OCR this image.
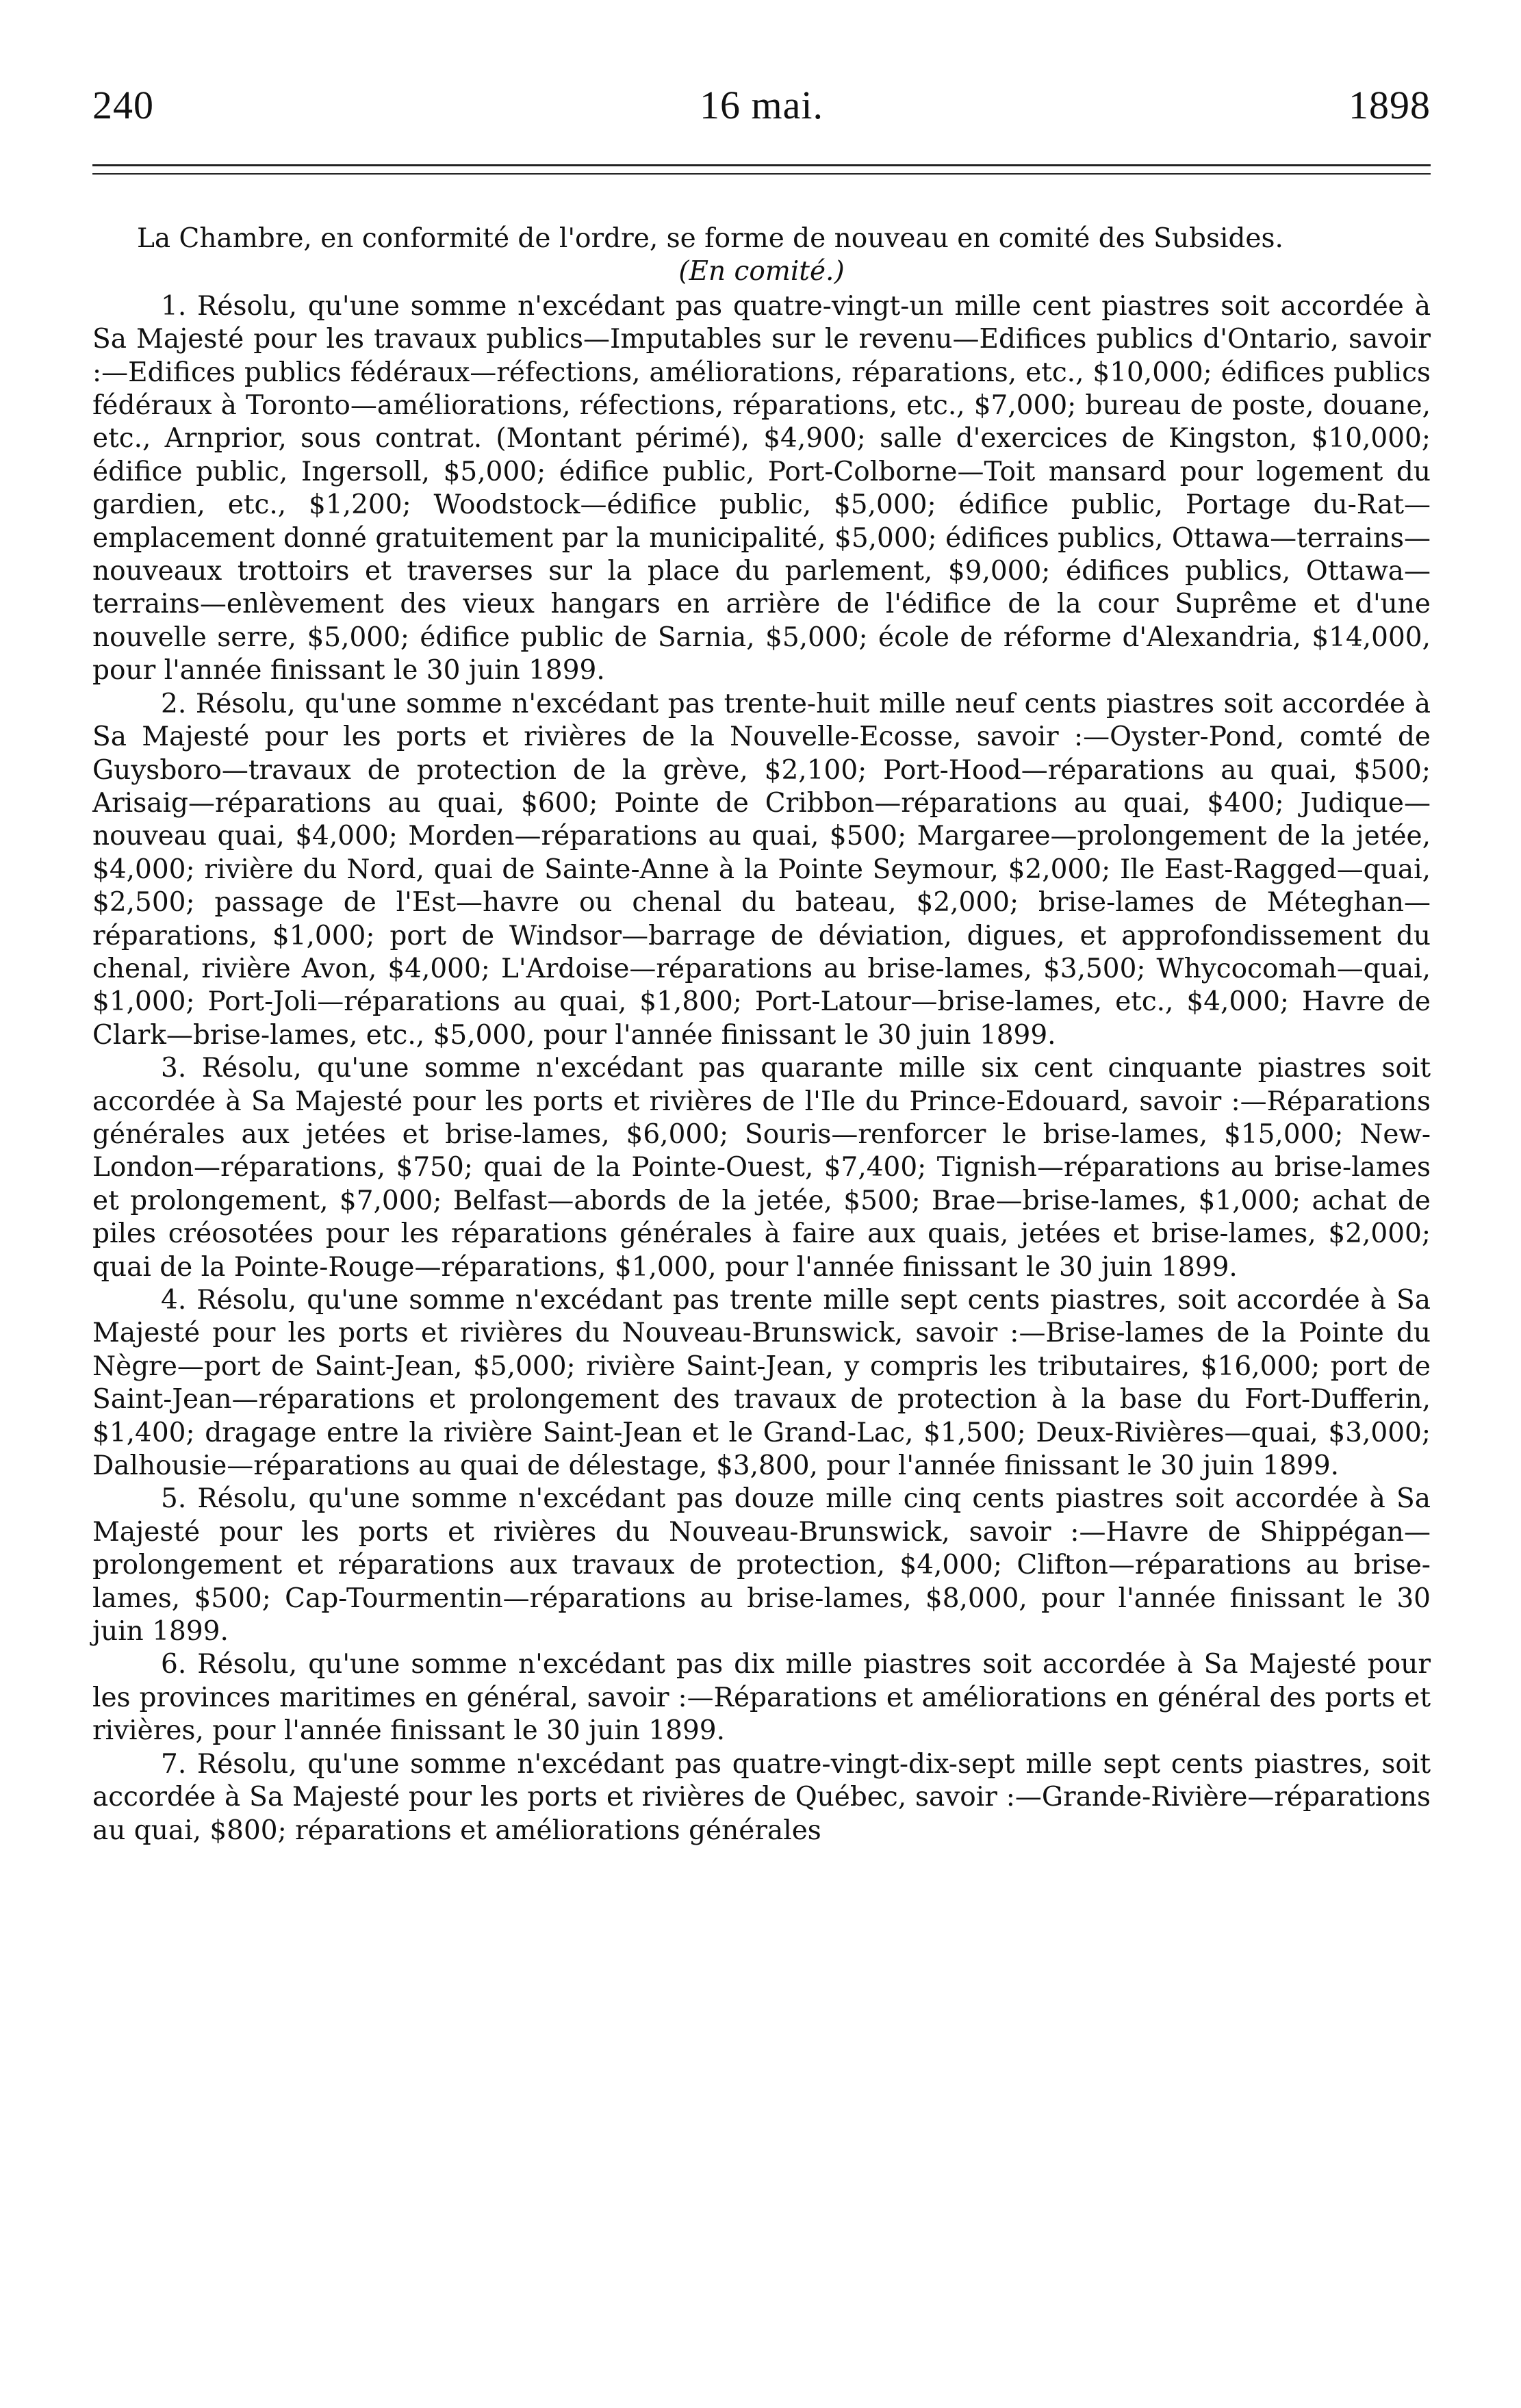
240	16 mai.	1898

La Chambre, en conformité de l'ordre, se forme de nouveau en comité des Subsides.

(En comité.)

1. Résolu, qu'une somme n'excédant pas quatre-vingt-un mille cent piastres soit accordée à Sa Majesté pour les travaux publics—Imputables sur le revenu—Edifices publics d'Ontario, savoir :—Edifices publics fédéraux—réfections, améliorations, réparations, etc., $10,000; édifices publics fédéraux à Toronto—améliorations, réfections, réparations, etc., $7,000; bureau de poste, douane, etc., Arnprior, sous contrat. (Montant périmé), $4,900; salle d'exercices de Kingston, $10,000; édifice public, Ingersoll, $5,000; édifice public, Port-Colborne—Toit mansard pour logement du gardien, etc., $1,200; Woodstock—édifice public, $5,000; édifice public, Portage du-Rat—emplacement donné gratuitement par la municipalité, $5,000; édifices publics, Ottawa—terrains—nouveaux trottoirs et traverses sur la place du parlement, $9,000; édifices publics, Ottawa—terrains—enlèvement des vieux hangars en arrière de l'édifice de la cour Suprême et d'une nouvelle serre, $5,000; édifice public de Sarnia, $5,000; école de réforme d'Alexandria, $14,000, pour l'année finissant le 30 juin 1899.

2. Résolu, qu'une somme n'excédant pas trente-huit mille neuf cents piastres soit accordée à Sa Majesté pour les ports et rivières de la Nouvelle-Ecosse, savoir :—Oyster-Pond, comté de Guysboro—travaux de protection de la grève, $2,100; Port-Hood—réparations au quai, $500; Arisaig—réparations au quai, $600; Pointe de Cribbon—réparations au quai, $400; Judique—nouveau quai, $4,000; Morden—réparations au quai, $500; Margaree—prolongement de la jetée, $4,000; rivière du Nord, quai de Sainte-Anne à la Pointe Seymour, $2,000; Ile East-Ragged—quai, $2,500; passage de l'Est—havre ou chenal du bateau, $2,000; brise-lames de Méteghan—réparations, $1,000; port de Windsor—barrage de déviation, digues, et approfondissement du chenal, rivière Avon, $4,000; L'Ardoise—réparations au brise-lames, $3,500; Whycocomah—quai, $1,000; Port-Joli—réparations au quai, $1,800; Port-Latour—brise-lames, etc., $4,000; Havre de Clark—brise-lames, etc., $5,000, pour l'année finissant le 30 juin 1899.

3. Résolu, qu'une somme n'excédant pas quarante mille six cent cinquante piastres soit accordée à Sa Majesté pour les ports et rivières de l'Ile du Prince-Edouard, savoir :—Réparations générales aux jetées et brise-lames, $6,000; Souris—renforcer le brise-lames, $15,000; New-London—réparations, $750; quai de la Pointe-Ouest, $7,400; Tignish—réparations au brise-lames et prolongement, $7,000; Belfast—abords de la jetée, $500; Brae—brise-lames, $1,000; achat de piles créosotées pour les réparations générales à faire aux quais, jetées et brise-lames, $2,000; quai de la Pointe-Rouge—réparations, $1,000, pour l'année finissant le 30 juin 1899.

4. Résolu, qu'une somme n'excédant pas trente mille sept cents piastres, soit accordée à Sa Majesté pour les ports et rivières du Nouveau-Brunswick, savoir :—Brise-lames de la Pointe du Nègre—port de Saint-Jean, $5,000; rivière Saint-Jean, y compris les tributaires, $16,000; port de Saint-Jean—réparations et prolongement des travaux de protection à la base du Fort-Dufferin, $1,400; dragage entre la rivière Saint-Jean et le Grand-Lac, $1,500; Deux-Rivières—quai, $3,000; Dalhousie—réparations au quai de délestage, $3,800, pour l'année finissant le 30 juin 1899.

5. Résolu, qu'une somme n'excédant pas douze mille cinq cents piastres soit accordée à Sa Majesté pour les ports et rivières du Nouveau-Brunswick, savoir :—Havre de Shippégan—prolongement et réparations aux travaux de protection, $4,000; Clifton—réparations au brise-lames, $500; Cap-Tourmentin—réparations au brise-lames, $8,000, pour l'année finissant le 30 juin 1899.

6. Résolu, qu'une somme n'excédant pas dix mille piastres soit accordée à Sa Majesté pour les provinces maritimes en général, savoir :—Réparations et améliorations en général des ports et rivières, pour l'année finissant le 30 juin 1899.

7. Résolu, qu'une somme n'excédant pas quatre-vingt-dix-sept mille sept cents piastres, soit accordée à Sa Majesté pour les ports et rivières de Québec, savoir :—Grande-Rivière—réparations au quai, $800; réparations et améliorations générales
